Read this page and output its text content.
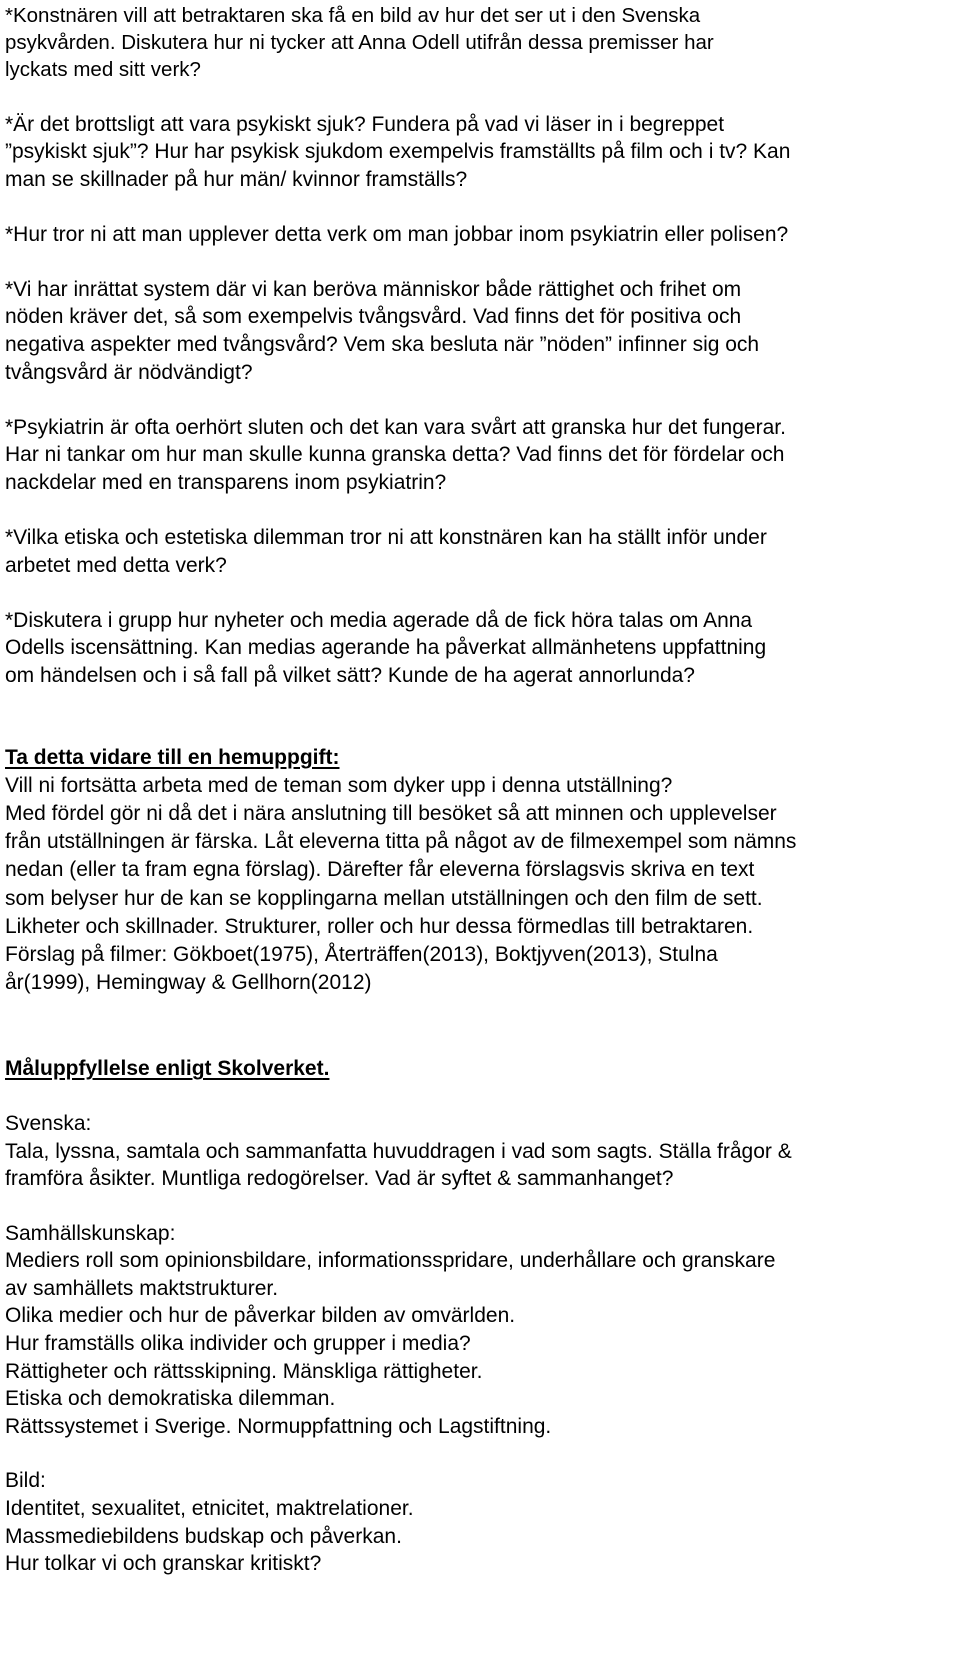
*Konstnären vill att betraktaren ska få en bild av hur det ser ut i den Svenska
psykvården. Diskutera hur ni tycker att Anna Odell utifrån dessa premisser har
lyckats med sitt verk?
*Är det brottsligt att vara psykiskt sjuk? Fundera på vad vi läser in i begreppet
”psykiskt sjuk”? Hur har psykisk sjukdom exempelvis framställts på film och i tv? Kan
man se skillnader på hur män/ kvinnor framställs?
*Hur tror ni att man upplever detta verk om man jobbar inom psykiatrin eller polisen?
*Vi har inrättat system där vi kan beröva människor både rättighet och frihet om
nöden kräver det, så som exempelvis tvångsvård. Vad finns det för positiva och
negativa aspekter med tvångsvård? Vem ska besluta när ”nöden” infinner sig och
tvångsvård är nödvändigt?
*Psykiatrin är ofta oerhört sluten och det kan vara svårt att granska hur det fungerar.
Har ni tankar om hur man skulle kunna granska detta? Vad finns det för fördelar och
nackdelar med en transparens inom psykiatrin?
*Vilka etiska och estetiska dilemman tror ni att konstnären kan ha ställt inför under
arbetet med detta verk?
*Diskutera i grupp hur nyheter och media agerade då de fick höra talas om Anna
Odells iscensättning. Kan medias agerande ha påverkat allmänhetens uppfattning
om händelsen och i så fall på vilket sätt? Kunde de ha agerat annorlunda?
Ta detta vidare till en hemuppgift:
Vill ni fortsätta arbeta med de teman som dyker upp i denna utställning?
Med fördel gör ni då det i nära anslutning till besöket så att minnen och upplevelser
från utställningen är färska. Låt eleverna titta på något av de filmexempel som nämns
nedan (eller ta fram egna förslag). Därefter får eleverna förslagsvis skriva en text
som belyser hur de kan se kopplingarna mellan utställningen och den film de sett.
Likheter och skillnader. Strukturer, roller och hur dessa förmedlas till betraktaren.
Förslag på filmer: Gökboet(1975), Återträffen(2013), Boktjyven(2013), Stulna
år(1999), Hemingway & Gellhorn(2012)
Måluppfyllelse enligt Skolverket.
Svenska:
Tala, lyssna, samtala och sammanfatta huvuddragen i vad som sagts. Ställa frågor &
framföra åsikter. Muntliga redogörelser. Vad är syftet & sammanhanget?
Samhällskunskap:
Mediers roll som opinionsbildare, informationsspridare, underhållare och granskare
av samhällets maktstrukturer.
Olika medier och hur de påverkar bilden av omvärlden.
Hur framställs olika individer och grupper i media?
Rättigheter och rättsskipning. Mänskliga rättigheter.
Etiska och demokratiska dilemman.
Rättssystemet i Sverige. Normuppfattning och Lagstiftning.
Bild:
Identitet, sexualitet, etnicitet, maktrelationer.
Massmediebildens budskap och påverkan.
Hur tolkar vi och granskar kritiskt?
